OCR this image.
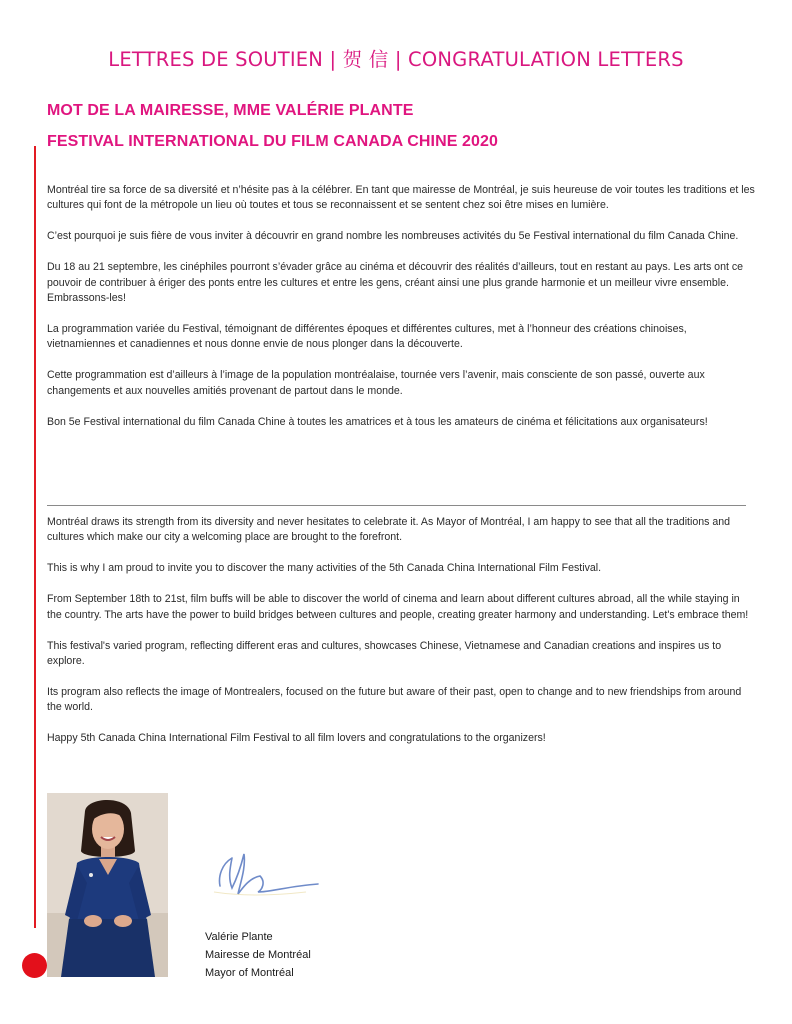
LETTRES DE SOUTIEN | 贺 信 | CONGRATULATION LETTERS
MOT DE LA MAIRESSE, MME VALÉRIE PLANTE
FESTIVAL INTERNATIONAL DU FILM CANADA CHINE 2020

Montréal tire sa force de sa diversité et n’hésite pas à la célébrer. En tant que mairesse de Montréal, je suis heureuse de voir toutes les traditions et les cultures qui font de la métropole un lieu où toutes et tous se reconnaissent et se sentent chez soi être mises en lumière.

C’est pourquoi je suis fière de vous inviter à découvrir en grand nombre les nombreuses activités du 5e Festival international du film Canada Chine.

Du 18 au 21 septembre, les cinéphiles pourront s’évader grâce au cinéma et découvrir des réalités d’ailleurs, tout en restant au pays. Les arts ont ce pouvoir de contribuer à ériger des ponts entre les cultures et entre les gens, créant ainsi une plus grande harmonie et un meilleur vivre ensemble. Embrassons-les!

La programmation variée du Festival, témoignant de différentes époques et différentes cultures, met à l’honneur des créations chinoises, vietnamiennes et canadiennes et nous donne envie de nous plonger dans la découverte.

Cette programmation est d’ailleurs à l’image de la population montréalaise, tournée vers l’avenir, mais consciente de son passé, ouverte aux changements et aux nouvelles amitiés provenant de partout dans le monde.

Bon 5e Festival international du film Canada Chine à toutes les amatrices et à tous les amateurs de cinéma et félicitations aux organisateurs!

Montréal draws its strength from its diversity and never hesitates to celebrate it. As Mayor of Montréal, I am happy to see that all the traditions and cultures which make our city a welcoming place are brought to the forefront.

This is why I am proud to invite you to discover the many activities of the 5th Canada China International Film Festival.

From September 18th to 21st, film buffs will be able to discover the world of cinema and learn about different cultures abroad, all the while staying in the country. The arts have the power to build bridges between cultures and people, creating greater harmony and understanding. Let's embrace them!

This festival's varied program, reflecting different eras and cultures, showcases Chinese, Vietnamese and Canadian creations and inspires us to explore.

Its program also reflects the image of Montrealers, focused on the future but aware of their past, open to change and to new friendships from around the world.

Happy 5th Canada China International Film Festival to all film lovers and congratulations to the organizers!

Valérie Plante
Mairesse de Montréal
Mayor of Montréal
